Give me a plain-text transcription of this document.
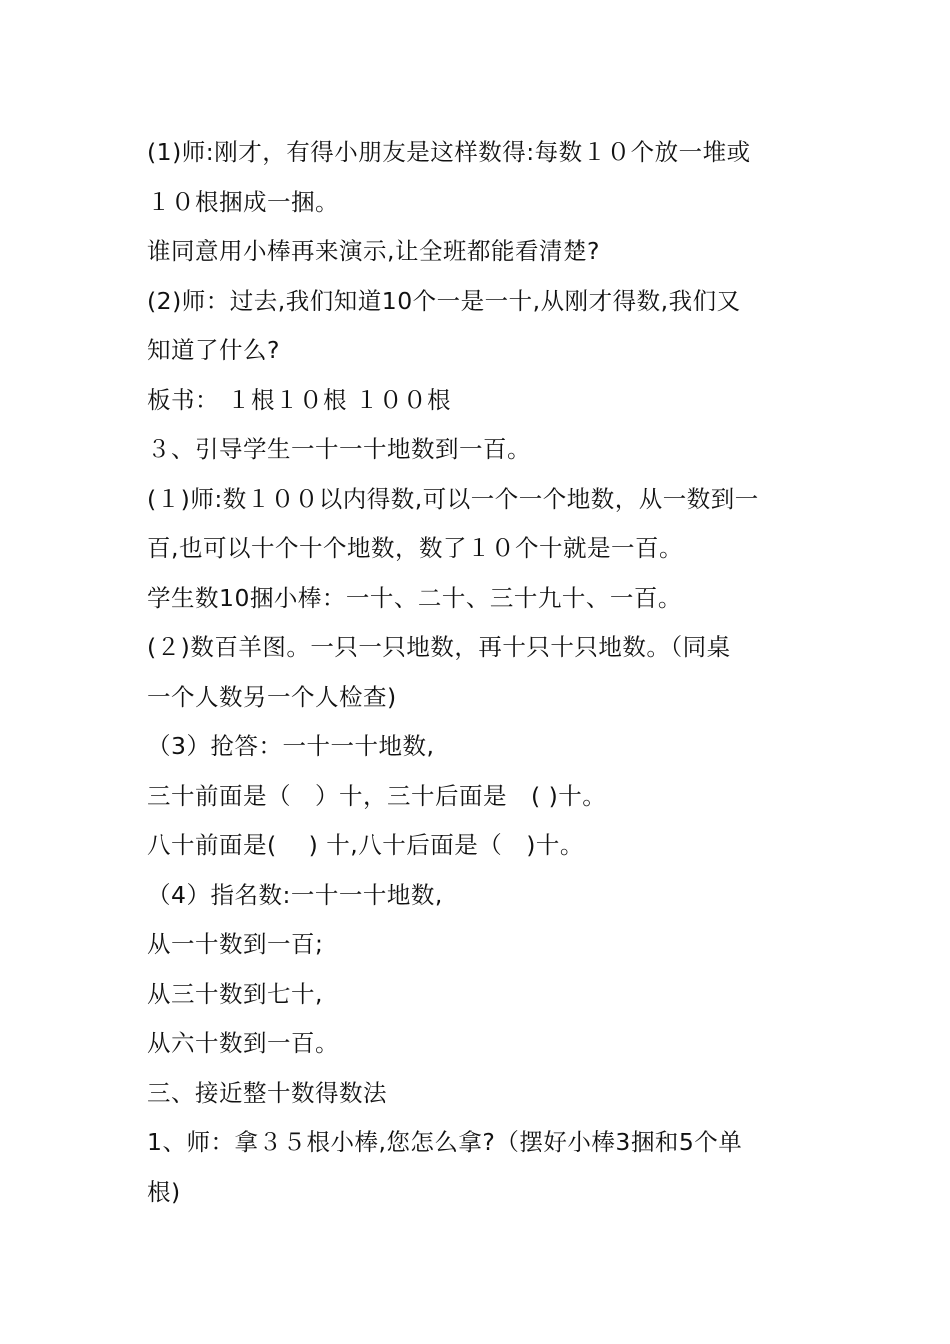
(1)师:刚才，有得小朋友是这样数得:每数１０个放一堆或
１０根捆成一捆。
谁同意用小棒再来演示,让全班都能看清楚?
(2)师：过去,我们知道10个一是一十,从刚才得数,我们又
知道了什么?
板书： １根１０根 １００根
３、引导学生一十一十地数到一百。
(１)师:数１００以内得数,可以一个一个地数，从一数到一
百,也可以十个十个地数，数了１０个十就是一百。
学生数10捆小棒：一十、二十、三十九十、一百。
(２)数百羊图。一只一只地数，再十只十只地数。（同桌
一个人数另一个人检查)
（3）抢答：一十一十地数,
三十前面是（　）十，三十后面是　( )十。
八十前面是(　 ) 十,八十后面是（　)十。
（4）指名数:一十一十地数,
从一十数到一百;
从三十数到七十,
从六十数到一百。
三、接近整十数得数法
1、师：拿３５根小棒,您怎么拿?（摆好小棒3捆和5个单
根)
